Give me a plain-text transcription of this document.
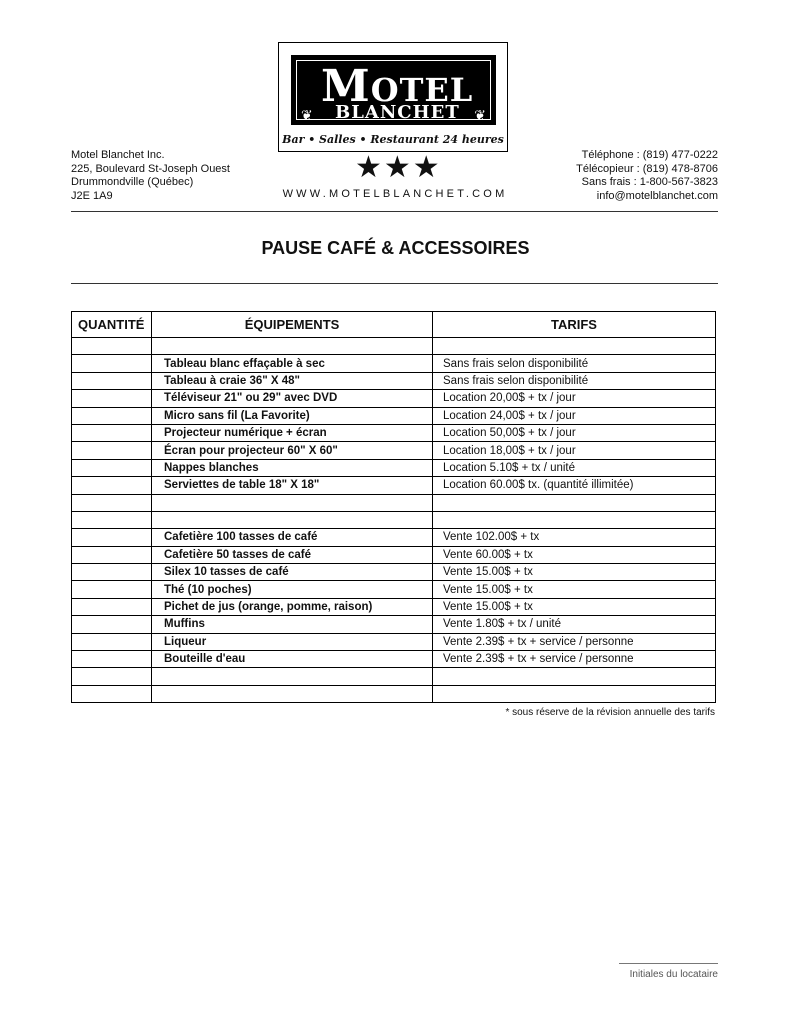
MOTEL
❦ BLANCHET ❦
Bar • Salles • Restaurant 24 heures
Motel Blanchet Inc.
225, Boulevard St-Joseph Ouest
Drummondville (Québec)
J2E 1A9
★★★
WWW.MOTELBLANCHET.COM
Téléphone : (819) 477-0222
Télécopieur : (819) 478-8706
Sans frais : 1-800-567-3823
info@motelblanchet.com
PAUSE CAFÉ & ACCESSOIRES
QUANTITÉ	ÉQUIPEMENTS	TARIFS

	Tableau blanc effaçable à sec	Sans frais selon disponibilité
	Tableau à craie 36" X 48"	Sans frais selon disponibilité
	Téléviseur 21" ou 29" avec DVD	Location 20,00$ + tx / jour
	Micro sans fil (La Favorite)	Location 24,00$ + tx / jour
	Projecteur numérique + écran	Location 50,00$ + tx / jour
	Écran pour projecteur 60" X 60"	Location 18,00$ + tx / jour
	Nappes blanches	Location 5.10$ + tx / unité
	Serviettes de table 18" X 18"	Location 60.00$ tx. (quantité illimitée)

	Cafetière 100 tasses de café	Vente 102.00$ + tx
	Cafetière 50 tasses de café	Vente 60.00$ + tx
	Silex 10 tasses de café	Vente 15.00$ + tx
	Thé (10 poches)	Vente 15.00$ + tx
	Pichet de jus (orange, pomme, raison)	Vente 15.00$ + tx
	Muffins	Vente 1.80$ + tx / unité
	Liqueur	Vente 2.39$ + tx + service / personne
	Bouteille d'eau	Vente 2.39$ + tx + service / personne

* sous réserve de la révision annuelle des tarifs
Initiales du locataire
